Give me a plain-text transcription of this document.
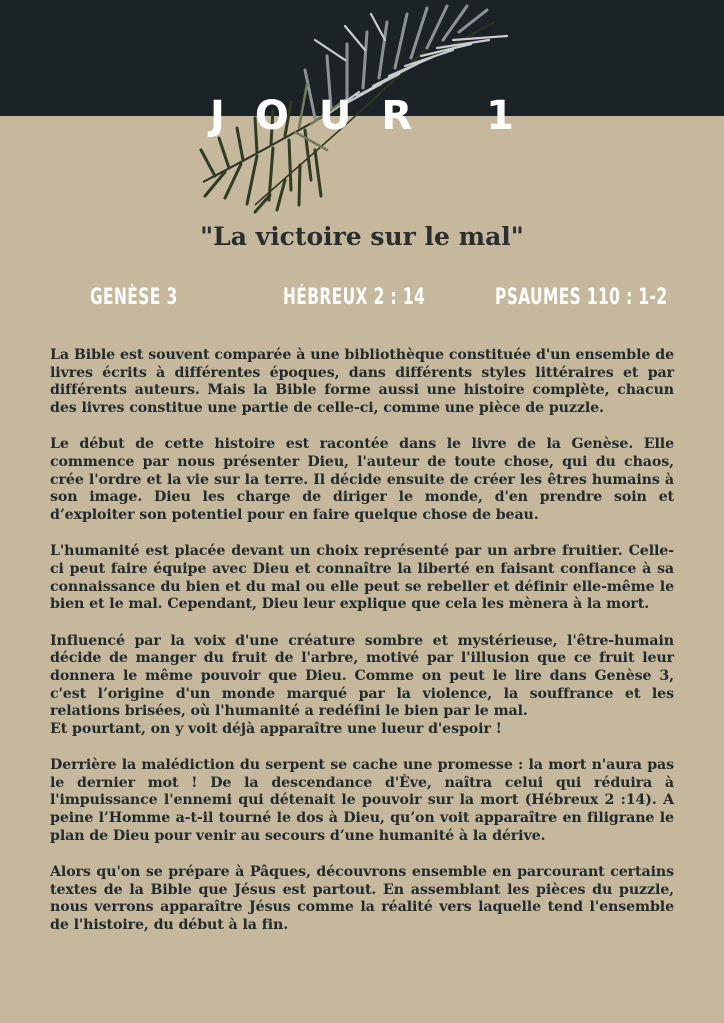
JOUR 1
"La victoire sur le mal"
GENÈSE 3	HÉBREUX 2 : 14	PSAUMES 110 : 1-2

La Bible est souvent comparée à une bibliothèque constituée d'un ensemble de livres écrits à différentes époques, dans différents styles littéraires et par différents auteurs. Mais la Bible forme aussi une histoire complète, chacun des livres constitue une partie de celle-ci, comme une pièce de puzzle.

Le début de cette histoire est racontée dans le livre de la Genèse. Elle commence par nous présenter Dieu, l'auteur de toute chose, qui du chaos, crée l'ordre et la vie sur la terre. Il décide ensuite de créer les êtres humains à son image. Dieu les charge de diriger le monde, d'en prendre soin et d’exploiter son potentiel pour en faire quelque chose de beau.

L'humanité est placée devant un choix représenté par un arbre fruitier. Celle-ci peut faire équipe avec Dieu et connaître la liberté en faisant confiance à sa connaissance du bien et du mal ou elle peut se rebeller et définir elle-même le bien et le mal. Cependant, Dieu leur explique que cela les mènera à la mort.

Influencé par la voix d'une créature sombre et mystérieuse, l'être-humain décide de manger du fruit de l'arbre, motivé par l'illusion que ce fruit leur donnera le même pouvoir que Dieu. Comme on peut le lire dans Genèse 3, c'est l’origine d'un monde marqué par la violence, la souffrance et les relations brisées, où l'humanité a redéfini le bien par le mal.

Et pourtant, on y voit déjà apparaître une lueur d'espoir !

Derrière la malédiction du serpent se cache une promesse : la mort n'aura pas le dernier mot ! De la descendance d'Ève, naîtra celui qui réduira à l'impuissance l'ennemi qui détenait le pouvoir sur la mort (Hébreux 2 :14). A peine l’Homme a-t-il tourné le dos à Dieu, qu’on voit apparaître en filigrane le plan de Dieu pour venir au secours d’une humanité à la dérive.

Alors qu'on se prépare à Pâques, découvrons ensemble en parcourant certains textes de la Bible que Jésus est partout. En assemblant les pièces du puzzle, nous verrons apparaître Jésus comme la réalité vers laquelle tend l'ensemble de l'histoire, du début à la fin.
